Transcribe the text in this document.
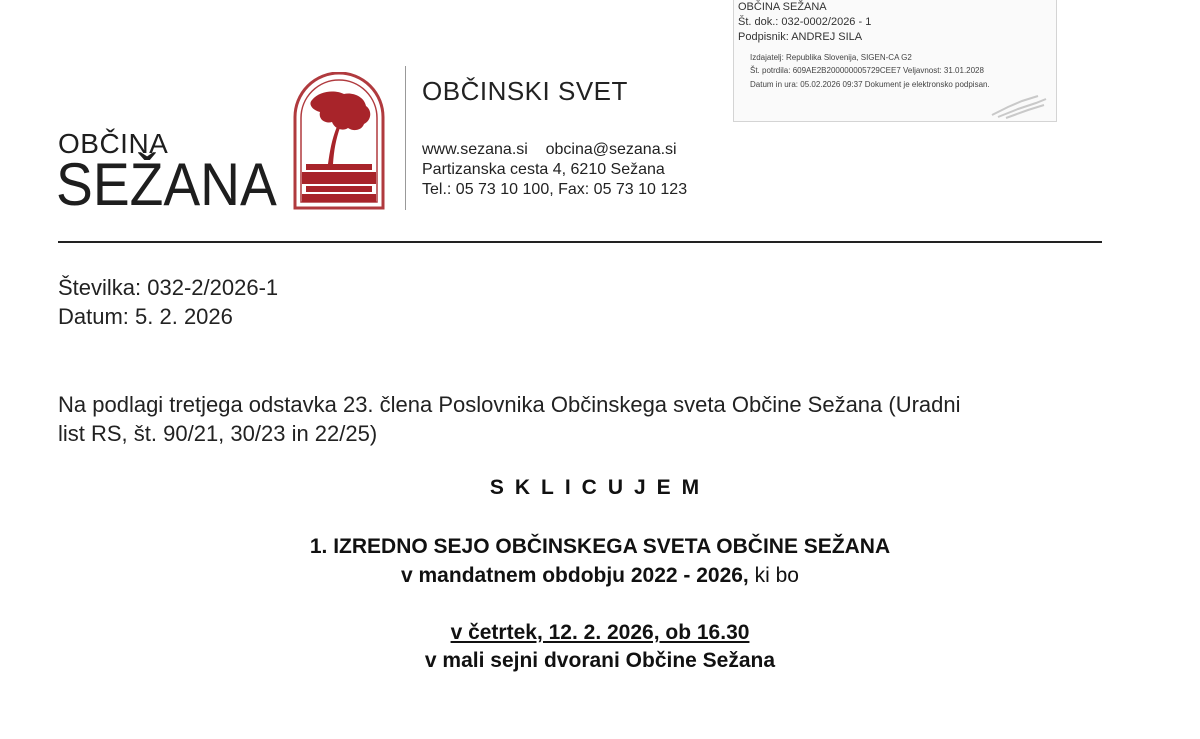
OBČINA SEŽANA
Št. dok.: 032-0002/2026 - 1
Podpisnik: ANDREJ SILA
Izdajatelj: Republika Slovenija, SIGEN-CA G2
Št. potrdila: 609AE2B200000005729CEE7 Veljavnost: 31.01.2028
Datum in ura: 05.02.2026 09:37 Dokument je elektronsko podpisan.
OBČINA
SEŽANA
OBČINSKI SVET
www.sezana.si    obcina@sezana.si
Partizanska cesta 4, 6210 Sežana
Tel.: 05 73 10 100, Fax: 05 73 10 123
Številka: 032-2/2026-1
Datum: 5. 2. 2026
Na podlagi tretjega odstavka 23. člena Poslovnika Občinskega sveta Občine Sežana (Uradni
list RS, št. 90/21, 30/23 in 22/25)
SKLICUJEM
1. IZREDNO SEJO OBČINSKEGA SVETA OBČINE SEŽANA
v mandatnem obdobju 2022 - 2026, ki bo
v četrtek, 12. 2. 2026, ob 16.30
v mali sejni dvorani Občine Sežana
